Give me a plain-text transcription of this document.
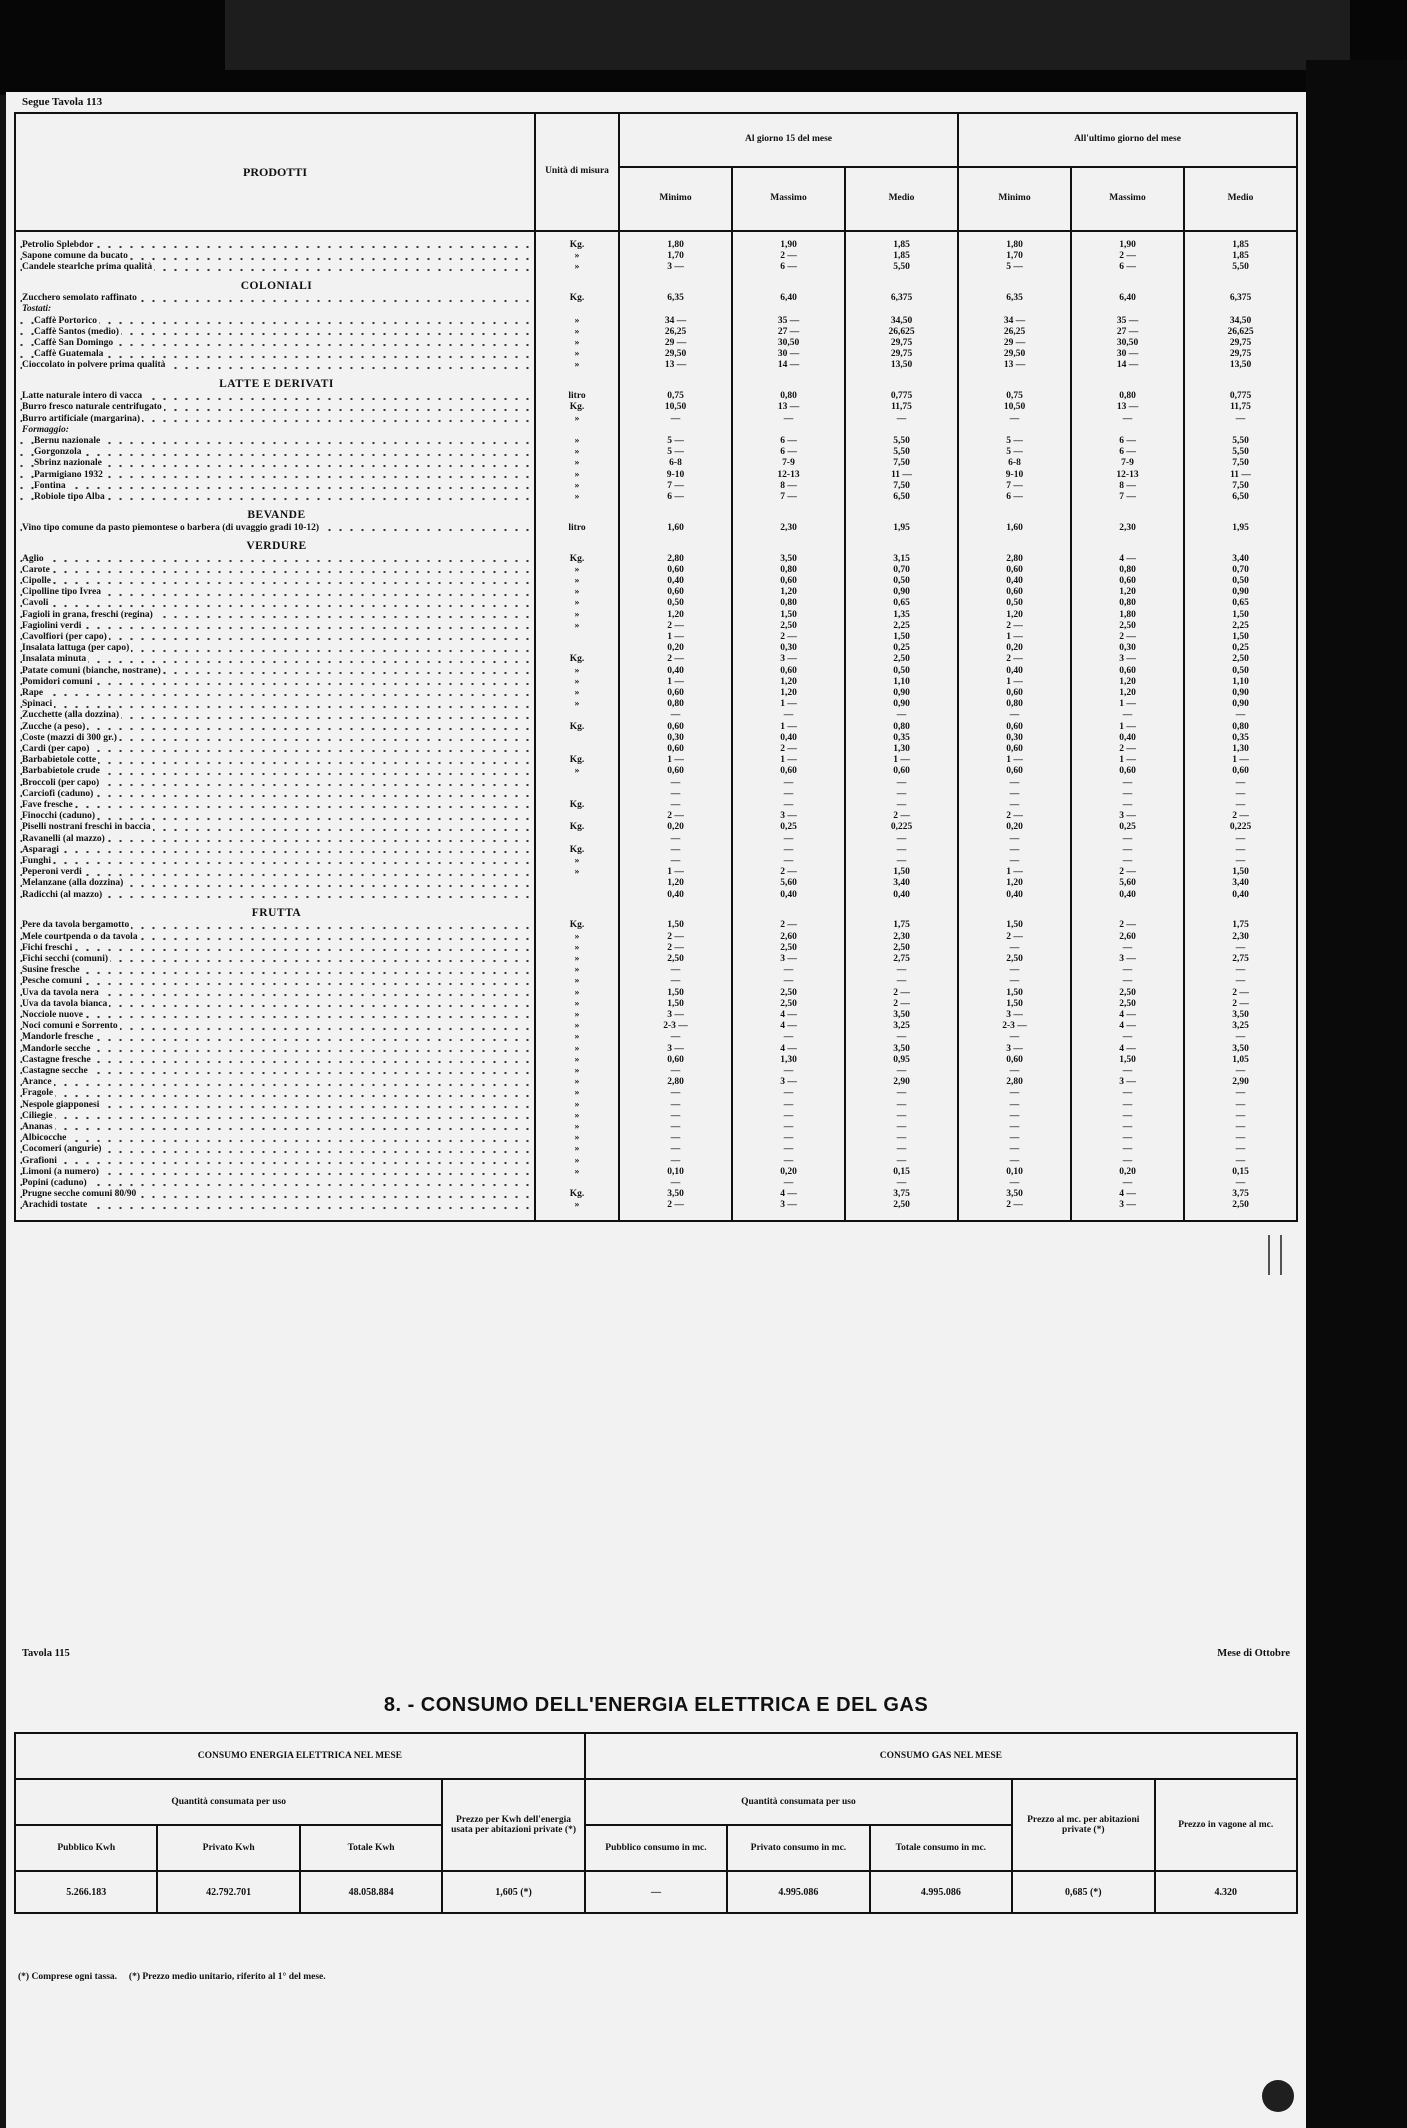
Segue Tavola 113
PRODOTTI	Unità di misura	Al giorno 15 del mese			All'ultimo giorno del mese		
		Minimo	Massimo	Medio	Minimo	Massimo	Medio

Petrolio Splebdor	Kg.	1,80	1,90	1,85	1,80	1,90	1,85
Sapone comune da bucato	»	1,70	2 —	1,85	1,70	2 —	1,85
Candele stearlche prima qualità	»	3 —	6 —	5,50	5 —	6 —	5,50
COLONIALI							
Zucchero semolato raffinato	Kg.	6,35	6,40	6,375	6,35	6,40	6,375
Tostati:							
Caffè Portorico	»	34 —	35 —	34,50	34 —	35 —	34,50
Caffè Santos (medio)	»	26,25	27 —	26,625	26,25	27 —	26,625
Caffè San Domingo	»	29 —	30,50	29,75	29 —	30,50	29,75
Caffè Guatemala	»	29,50	30 —	29,75	29,50	30 —	29,75
Cioccolato in polvere prima qualità	»	13 —	14 —	13,50	13 —	14 —	13,50
LATTE E DERIVATI							
Latte naturale intero di vacca	litro	0,75	0,80	0,775	0,75	0,80	0,775
Burro fresco naturale centrifugato	Kg.	10,50	13 —	11,75	10,50	13 —	11,75
Burro artificiale (margarina)	»	—	—	—	—	—	—
Formaggio:							
Bernu nazionale	»	5 —	6 —	5,50	5 —	6 —	5,50
Gorgonzola	»	5 —	6 —	5,50	5 —	6 —	5,50
Sbrinz nazionale	»	6-8	7-9	7,50	6-8	7-9	7,50
Parmigiano 1932	»	9-10	12-13	11 —	9-10	12-13	11 —
Fontina	»	7 —	8 —	7,50	7 —	8 —	7,50
Robiole tipo Alba	»	6 —	7 —	6,50	6 —	7 —	6,50
BEVANDE							
Vino tipo comune da pasto piemontese o barbera (di uvaggio gradi 10-12)	litro	1,60	2,30	1,95	1,60	2,30	1,95
VERDURE							
Aglio	Kg.	2,80	3,50	3,15	2,80	4 —	3,40
Carote	»	0,60	0,80	0,70	0,60	0,80	0,70
Cipolle	»	0,40	0,60	0,50	0,40	0,60	0,50
Cipolline tipo Ivrea	»	0,60	1,20	0,90	0,60	1,20	0,90
Cavoli	»	0,50	0,80	0,65	0,50	0,80	0,65
Fagioli in grana, freschi (regina)	»	1,20	1,50	1,35	1,20	1,80	1,50
Fagiolini verdi	»	2 —	2,50	2,25	2 —	2,50	2,25
Cavolfiori (per capo)		1 —	2 —	1,50	1 —	2 —	1,50
Insalata lattuga (per capo)		0,20	0,30	0,25	0,20	0,30	0,25
Insalata minuta	Kg.	2 —	3 —	2,50	2 —	3 —	2,50
Patate comuni (bianche, nostrane)	»	0,40	0,60	0,50	0,40	0,60	0,50
Pomidori comuni	»	1 —	1,20	1,10	1 —	1,20	1,10
Rape	»	0,60	1,20	0,90	0,60	1,20	0,90
Spinaci	»	0,80	1 —	0,90	0,80	1 —	0,90
Zucchette (alla dozzina)		—	—	—	—	—	—
Zucche (a peso)	Kg.	0,60	1 —	0,80	0,60	1 —	0,80
Coste (mazzi di 300 gr.)		0,30	0,40	0,35	0,30	0,40	0,35
Cardi (per capo)		0,60	2 —	1,30	0,60	2 —	1,30
Barbabietole cotte	Kg.	1 —	1 —	1 —	1 —	1 —	1 —
Barbabietole crude	»	0,60	0,60	0,60	0,60	0,60	0,60
Broccoli (per capo)		—	—	—	—	—	—
Carciofi (caduno)		—	—	—	—	—	—
Fave fresche	Kg.	—	—	—	—	—	—
Finocchi (caduno)		2 —	3 —	2 —	2 —	3 —	2 —
Piselli nostrani freschi in baccia	Kg.	0,20	0,25	0,225	0,20	0,25	0,225
Ravanelli (al mazzo)		—	—	—	—	—	—
Asparagi	Kg.	—	—	—	—	—	—
Funghi	»	—	—	—	—	—	—
Peperoni verdi	»	1 —	2 —	1,50	1 —	2 —	1,50
Melanzane (alla dozzina)		1,20	5,60	3,40	1,20	5,60	3,40
Radicchi (al mazzo)		0,40	0,40	0,40	0,40	0,40	0,40
FRUTTA							
Pere da tavola bergamotto	Kg.	1,50	2 —	1,75	1,50	2 —	1,75
Mele courtpenda o da tavola	»	2 —	2,60	2,30	2 —	2,60	2,30
Fichi freschi	»	2 —	2,50	2,50	—	—	—
Fichi secchi (comuni)	»	2,50	3 —	2,75	2,50	3 —	2,75
Susine fresche	»	—	—	—	—	—	—
Pesche comuni	»	—	—	—	—	—	—
Uva da tavola nera	»	1,50	2,50	2 —	1,50	2,50	2 —
Uva da tavola bianca	»	1,50	2,50	2 —	1,50	2,50	2 —
Nocciole nuove	»	3 —	4 —	3,50	3 —	4 —	3,50
Noci comuni e Sorrento	»	2-3 —	4 —	3,25	2-3 —	4 —	3,25
Mandorle fresche	»	—	—	—	—	—	—
Mandorle secche	»	3 —	4 —	3,50	3 —	4 —	3,50
Castagne fresche	»	0,60	1,30	0,95	0,60	1,50	1,05
Castagne secche	»	—	—	—	—	—	—
Arance	»	2,80	3 —	2,90	2,80	3 —	2,90
Fragole	»	—	—	—	—	—	—
Nespole giapponesi	»	—	—	—	—	—	—
Ciliegie	»	—	—	—	—	—	—
Ananas	»	—	—	—	—	—	—
Albicocche	»	—	—	—	—	—	—
Cocomeri (angurie)	»	—	—	—	—	—	—
Grafioni	»	—	—	—	—	—	—
Limoni (a numero)	»	0,10	0,20	0,15	0,10	0,20	0,15
Popini (caduno)		—	—	—	—	—	—
Prugne secche comuni 80/90	Kg.	3,50	4 —	3,75	3,50	4 —	3,75
Arachidi tostate	»	2 —	3 —	2,50	2 —	3 —	2,50

Tavola 115	Mese di Ottobre
8. - CONSUMO DELL'ENERGIA ELETTRICA E DEL GAS
CONSUMO ENERGIA ELETTRICA NEL MESE				CONSUMO GAS NEL MESE				
Quantità consumata per uso			Prezzo per Kwh dell'energia usata per abitazioni private (*)	Quantità consumata per uso			Prezzo al mc. per abitazioni private (*)	Prezzo in vagone al mc.
Pubblico Kwh	Privato Kwh	Totale Kwh		Pubblico consumo in mc.	Privato consumo in mc.	Totale consumo in mc.		
5.266.183	42.792.701	48.058.884	1,605 (*)	—	4.995.086	4.995.086	0,685 (*)	4.320
(*) Comprese ogni tassa. (*) Prezzo medio unitario, riferito al 1° del mese.
